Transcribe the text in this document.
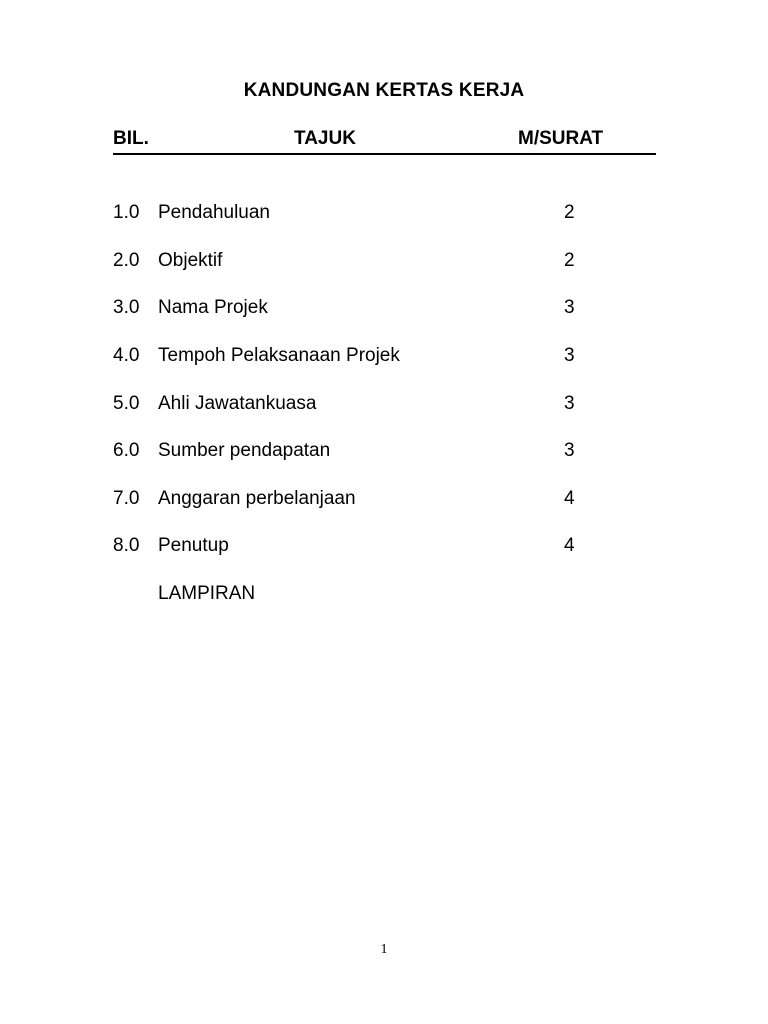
KANDUNGAN KERTAS KERJA
BIL.	TAJUK	M/SURAT
1.0 Pendahuluan	2
2.0 Objektif	2
3.0 Nama Projek	3
4.0 Tempoh Pelaksanaan Projek	3
5.0 Ahli Jawatankuasa	3
6.0 Sumber pendapatan	3
7.0 Anggaran perbelanjaan	4
8.0 Penutup	4
LAMPIRAN
1
